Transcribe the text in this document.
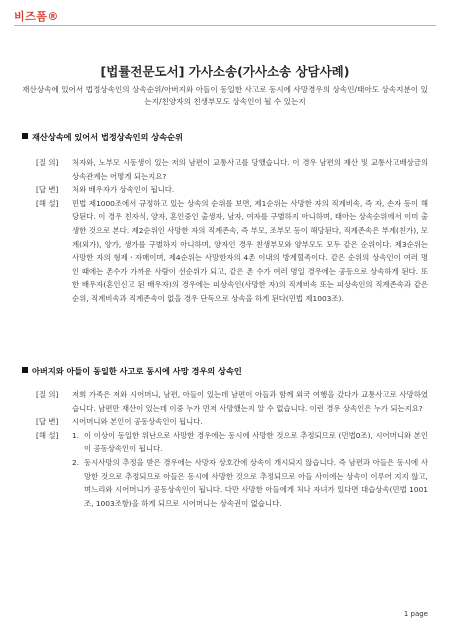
비즈폼®
[법률전문도서] 가사소송(가사소송 상담사례)
재산상속에 있어서 법정상속인의 상속순위/아버지와 아들이 동일한 사고로 동시에 사망경우의 상속인/태아도 상속지분이 있는지/친양자의 친생부모도 상속인이 될 수 있는지
재산상속에 있어서 법정상속인의 상속순위
[질 의]	처자와, 노부모 시동생이 있는 저의 남편이 교통사고를 당했습니다. 이 경우 남편의 재산 및 교통사고배상금의 상속관계는 어떻게 되는지요?
[답 변]	처와 배우자가 상속인이 됩니다.
[해 설]	민법 제1000조에서 규정하고 있는 상속의 순위를 보면, 제1순위는 사망한 자의 직계비속, 즉 자, 손자 등이 해당된다. 이 경우 친자식, 양자, 혼인중인 출생자, 남자, 여자를 구별하지 아니하며, 태아는 상속순위에서 이미 출생한 것으로 본다. 제2순위인 사망한 자의 직계존속, 즉 부모, 조부모 등이 해당된다, 직계존속은 부계(친가), 모계(외가), 양가, 생가를 구별하지 아니하며, 양자인 경우 친생부모와 양부모도 모두 같은 순위이다. 제3순위는 사망한 자의 형제ㆍ자매이며, 제4순위는 사망한자의 4촌 이내의 방계혈족이다. 같은 순위의 상속인이 여러 명인 때에는 촌수가 가까운 사람이 선순위가 되고, 같은 촌 수가 여러 명일 경우에는 공동으로 상속하게 된다. 또한 배우자(혼인신고 된 배우자)의 경우에는 피상속인(사망한 자)의 직계비속 또는 피상속인의 직계존속과 같은 순위, 직계비속과 직계존속이 없을 경우 단독으로 상속을 하게 된다(민법 제1003조).
아버지와 아들이 동일한 사고로 동시에 사망 경우의 상속인
[질 의]	저희 가족은 저와 시어머니, 남편, 아들이 있는데 남편이 아들과 함께 외국 여행을 갔다가 교통사고로 사망하였습니다. 남편만 재산이 있는데 이중 누가 먼저 사망했는지 알 수 없습니다. 이런 경우 상속인은 누가 되는지요?
[답 변]	시어머니와 본인이 공동상속인이 됩니다.
[해 설]	1. 이 이상이 동일한 위난으로 사망한 경우에는 동시에 사망한 것으로 추정되므로 (민법0조), 시어머니와 본인이 공동상속인이 됩니다.
2. 동시사망의 추정을 받은 경우에는 사망자 상호간에 상속이 개시되지 않습니다. 즉 남편과 아들은 동시에 사망한 것으로 추정되므로 아들은 동시에 사망한 것으로 추정되므로 아들 사이에는 상속이 이루어 지지 않고, 며느리와 시어머니가 공동상속인이 됩니다. 다만 사망한 아들에게 처나 자녀가 있다면 대습상속(민법 1001조, 1003조항)을 하게 되므로 시어머니는 상속권이 없습니다.
1 page
